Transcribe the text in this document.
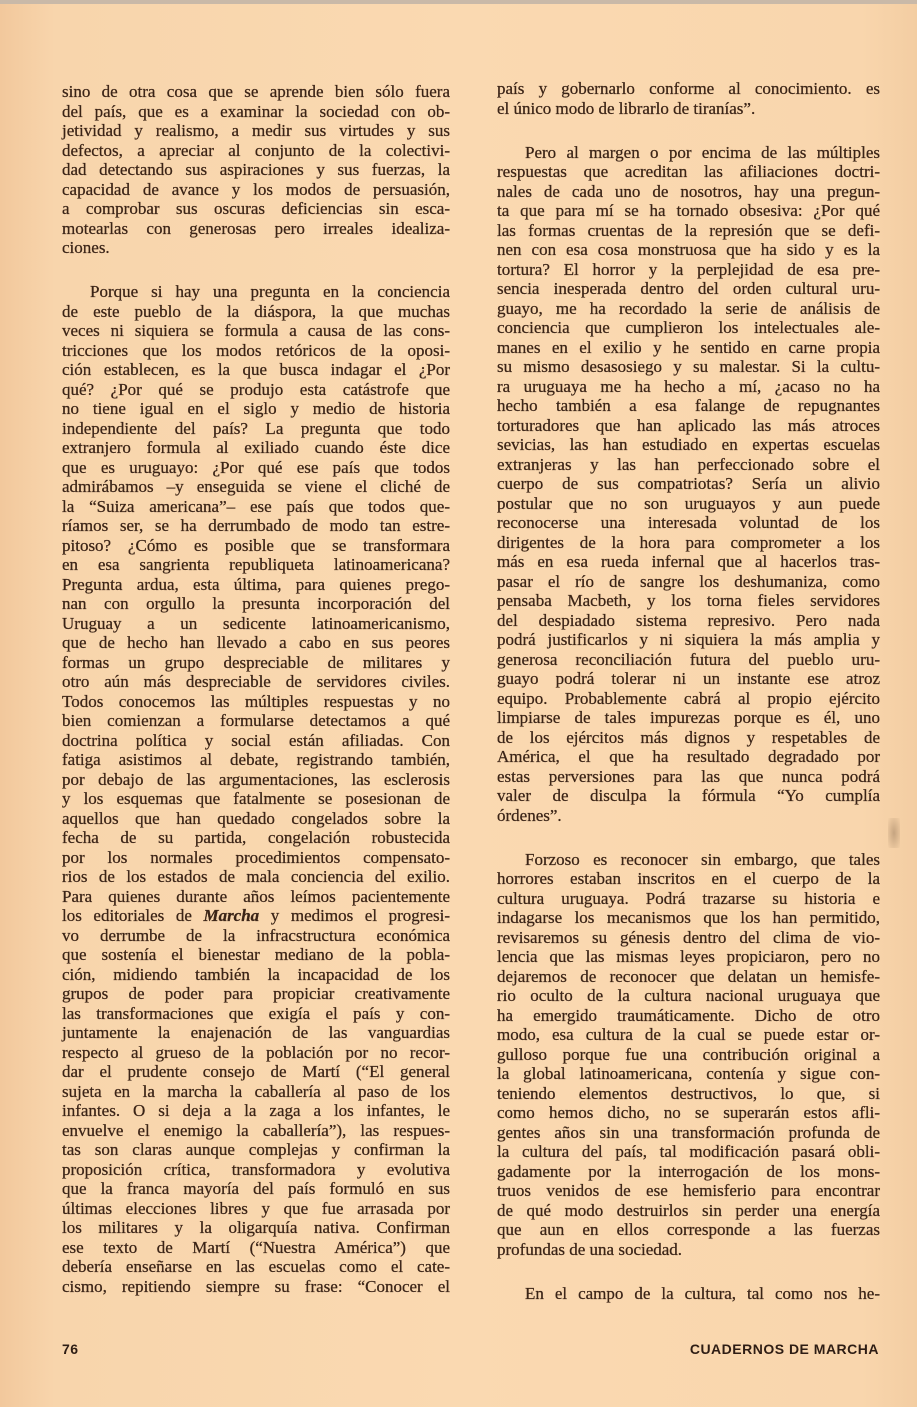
sino de otra cosa que se aprende bien sólo fuera
del país, que es a examinar la sociedad con ob-
jetividad y realismo, a medir sus virtudes y sus
defectos, a apreciar al conjunto de la colectivi-
dad detectando sus aspiraciones y sus fuerzas, la
capacidad de avance y los modos de persuasión,
a comprobar sus oscuras deficiencias sin esca-
motearlas con generosas pero irreales idealiza-
ciones.
Porque si hay una pregunta en la conciencia
de este pueblo de la diáspora, la que muchas
veces ni siquiera se formula a causa de las cons-
tricciones que los modos retóricos de la oposi-
ción establecen, es la que busca indagar el ¿Por
qué? ¿Por qué se produjo esta catástrofe que
no tiene igual en el siglo y medio de historia
independiente del país? La pregunta que todo
extranjero formula al exiliado cuando éste dice
que es uruguayo: ¿Por qué ese país que todos
admirábamos –y enseguida se viene el cliché de
la “Suiza americana”– ese país que todos que-
ríamos ser, se ha derrumbado de modo tan estre-
pitoso? ¿Cómo es posible que se transformara
en esa sangrienta republiqueta latinoamericana?
Pregunta ardua, esta última, para quienes prego-
nan con orgullo la presunta incorporación del
Uruguay a un sedicente latinoamericanismo,
que de hecho han llevado a cabo en sus peores
formas un grupo despreciable de militares y
otro aún más despreciable de servidores civiles.
Todos conocemos las múltiples respuestas y no
bien comienzan a formularse detectamos a qué
doctrina política y social están afiliadas. Con
fatiga asistimos al debate, registrando también,
por debajo de las argumentaciones, las esclerosis
y los esquemas que fatalmente se posesionan de
aquellos que han quedado congelados sobre la
fecha de su partida, congelación robustecida
por los normales procedimientos compensato-
rios de los estados de mala conciencia del exilio.
Para quienes durante años leímos pacientemente
los editoriales de Marcha y medimos el progresi-
vo derrumbe de la infracstructura económica
que sostenía el bienestar mediano de la pobla-
ción, midiendo también la incapacidad de los
grupos de poder para propiciar creativamente
las transformaciones que exigía el país y con-
juntamente la enajenación de las vanguardias
respecto al grueso de la población por no recor-
dar el prudente consejo de Martí (“El general
sujeta en la marcha la caballería al paso de los
infantes. O si deja a la zaga a los infantes, le
envuelve el enemigo la caballería”), las respues-
tas son claras aunque complejas y confirman la
proposición crítica, transformadora y evolutiva
que la franca mayoría del país formuló en sus
últimas elecciones libres y que fue arrasada por
los militares y la oligarquía nativa. Confirman
ese texto de Martí (“Nuestra América”) que
debería enseñarse en las escuelas como el cate-
cismo, repitiendo siempre su frase: “Conocer el
país y gobernarlo conforme al conocimiento. es
el único modo de librarlo de tiranías”.
Pero al margen o por encima de las múltiples
respuestas que acreditan las afiliaciones doctri-
nales de cada uno de nosotros, hay una pregun-
ta que para mí se ha tornado obsesiva: ¿Por qué
las formas cruentas de la represión que se defi-
nen con esa cosa monstruosa que ha sido y es la
tortura? El horror y la perplejidad de esa pre-
sencia inesperada dentro del orden cultural uru-
guayo, me ha recordado la serie de análisis de
conciencia que cumplieron los intelectuales ale-
manes en el exilio y he sentido en carne propia
su mismo desasosiego y su malestar. Si la cultu-
ra uruguaya me ha hecho a mí, ¿acaso no ha
hecho también a esa falange de repugnantes
torturadores que han aplicado las más atroces
sevicias, las han estudiado en expertas escuelas
extranjeras y las han perfeccionado sobre el
cuerpo de sus compatriotas? Sería un alivio
postular que no son uruguayos y aun puede
reconocerse una interesada voluntad de los
dirigentes de la hora para comprometer a los
más en esa rueda infernal que al hacerlos tras-
pasar el río de sangre los deshumaniza, como
pensaba Macbeth, y los torna fieles servidores
del despiadado sistema represivo. Pero nada
podrá justificarlos y ni siquiera la más amplia y
generosa reconciliación futura del pueblo uru-
guayo podrá tolerar ni un instante ese atroz
equipo. Probablemente cabrá al propio ejército
limpiarse de tales impurezas porque es él, uno
de los ejércitos más dignos y respetables de
América, el que ha resultado degradado por
estas perversiones para las que nunca podrá
valer de disculpa la fórmula “Yo cumplía
órdenes”.
Forzoso es reconocer sin embargo, que tales
horrores estaban inscritos en el cuerpo de la
cultura uruguaya. Podrá trazarse su historia e
indagarse los mecanismos que los han permitido,
revisaremos su génesis dentro del clima de vio-
lencia que las mismas leyes propiciaron, pero no
dejaremos de reconocer que delatan un hemisfe-
rio oculto de la cultura nacional uruguaya que
ha emergido traumáticamente. Dicho de otro
modo, esa cultura de la cual se puede estar or-
gulloso porque fue una contribución original a
la global latinoamericana, contenía y sigue con-
teniendo elementos destructivos, lo que, si
como hemos dicho, no se superarán estos afli-
gentes años sin una transformación profunda de
la cultura del país, tal modificación pasará obli-
gadamente por la interrogación de los mons-
truos venidos de ese hemisferio para encontrar
de qué modo destruirlos sin perder una energía
que aun en ellos corresponde a las fuerzas
profundas de una sociedad.
En el campo de la cultura, tal como nos he-
76	CUADERNOS DE MARCHA
